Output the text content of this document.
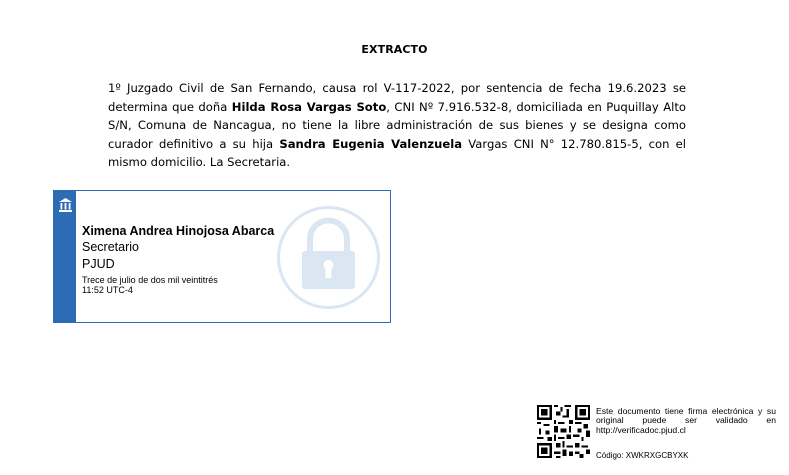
EXTRACTO
1º Juzgado Civil de San Fernando, causa rol V-117-2022, por sentencia de fecha 19.6.2023 se determina que doña Hilda Rosa Vargas Soto, CNI Nº 7.916.532-8, domiciliada en Puquillay Alto S/N, Comuna de Nancagua, no tiene la libre administración de sus bienes y se designa como curador definitivo a su hija Sandra Eugenia Valenzuela Vargas CNI N° 12.780.815-5, con el mismo domicilio. La Secretaria.
Ximena Andrea Hinojosa Abarca
Secretario
PJUD
Trece de julio de dos mil veintitrés
11:52 UTC-4
Este documento tiene firma electrónica y su original puede ser validado en http://verificadoc.pjud.cl
Código: XWKRXGCBYXK
